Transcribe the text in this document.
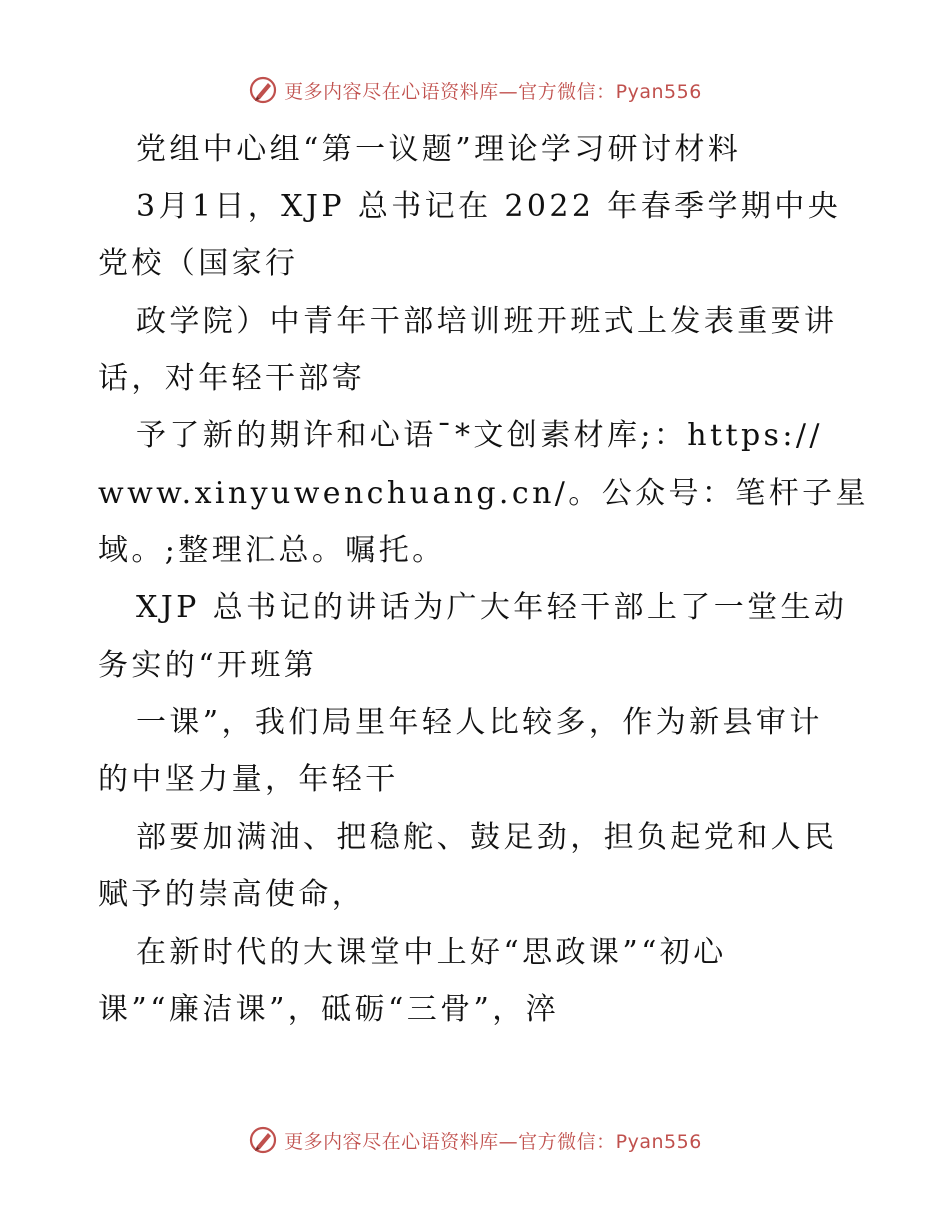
更多内容尽在心语资料库—官方微信：Pyan556
党组中心组“第一议题”理论学习研讨材料
3月1日，XJP 总书记在 2022 年春季学期中央
党校（国家行
政学院）中青年干部培训班开班式上发表重要讲
话，对年轻干部寄
予了新的期许和心语¯*文创素材库;：https://
www.xinyuwenchuang.cn/。公众号：笔杆子星
域。;整理汇总。嘱托。
XJP 总书记的讲话为广大年轻干部上了一堂生动
务实的“开班第
一课”，我们局里年轻人比较多，作为新县审计
的中坚力量，年轻干
部要加满油、把稳舵、鼓足劲，担负起党和人民
赋予的崇高使命，
在新时代的大课堂中上好“思政课”“初心
课”“廉洁课”，砥砺“三骨”，淬
更多内容尽在心语资料库—官方微信：Pyan556
